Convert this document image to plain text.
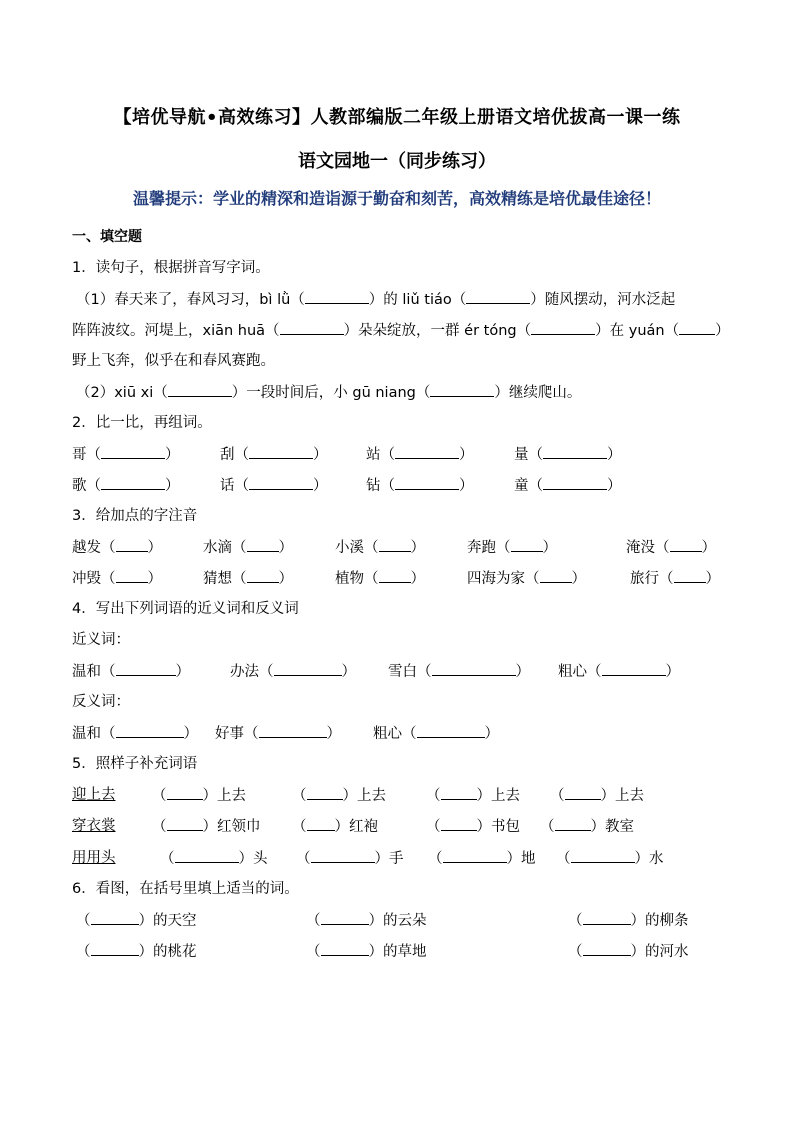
【培优导航•高效练习】人教部编版二年级上册语文培优拔高一课一练
语文园地一（同步练习）
温馨提示：学业的精深和造诣源于勤奋和刻苦，高效精练是培优最佳途径！
一、填空题
1．读句子，根据拼音写字词。
（1）春天来了，春风习习，bì lǜ（	）的 liǔ tiáo（	）随风摆动，河水泛起
阵阵波纹。河堤上，xiān huā（	）朵朵绽放，一群 ér tóng（	）在 yuán（ ）
野上飞奔，似乎在和春风赛跑。
（2）xiū xi（	）一段时间后，小 gū niang（	）继续爬山。
2．比一比，再组词。
哥（	）	刮（	）	站（	）	量（	）
歌（	）	话（	）	钻（	）	童（	）
3．给加点的字注音
越发（ ）	水滴（ ）	小溪（ ）	奔跑（ ）	淹没（ ）
冲毁（ ）	猜想（ ）	植物（ ）	四海为家（ ）	旅行（ ）
4．写出下列词语的近义词和反义词
近义词：
温和（	）	办法（	） 雪白（	） 粗心（	）
反义词：
温和（	） 好事（	） 粗心（	）
5．照样子补充词语
迎上去	（ ）上去	（ ）上去	（ ）上去 （ ）上去
穿衣裳	（ ）红领巾 （ ）红袍	（ ）书包 （ ）教室
用用头	（	）头 （	）手 （	）地 （	）水
6．看图，在括号里填上适当的词。
（	）的天空	（	）的云朵	（	）的柳条
（	）的桃花	（	）的草地	（	）的河水
